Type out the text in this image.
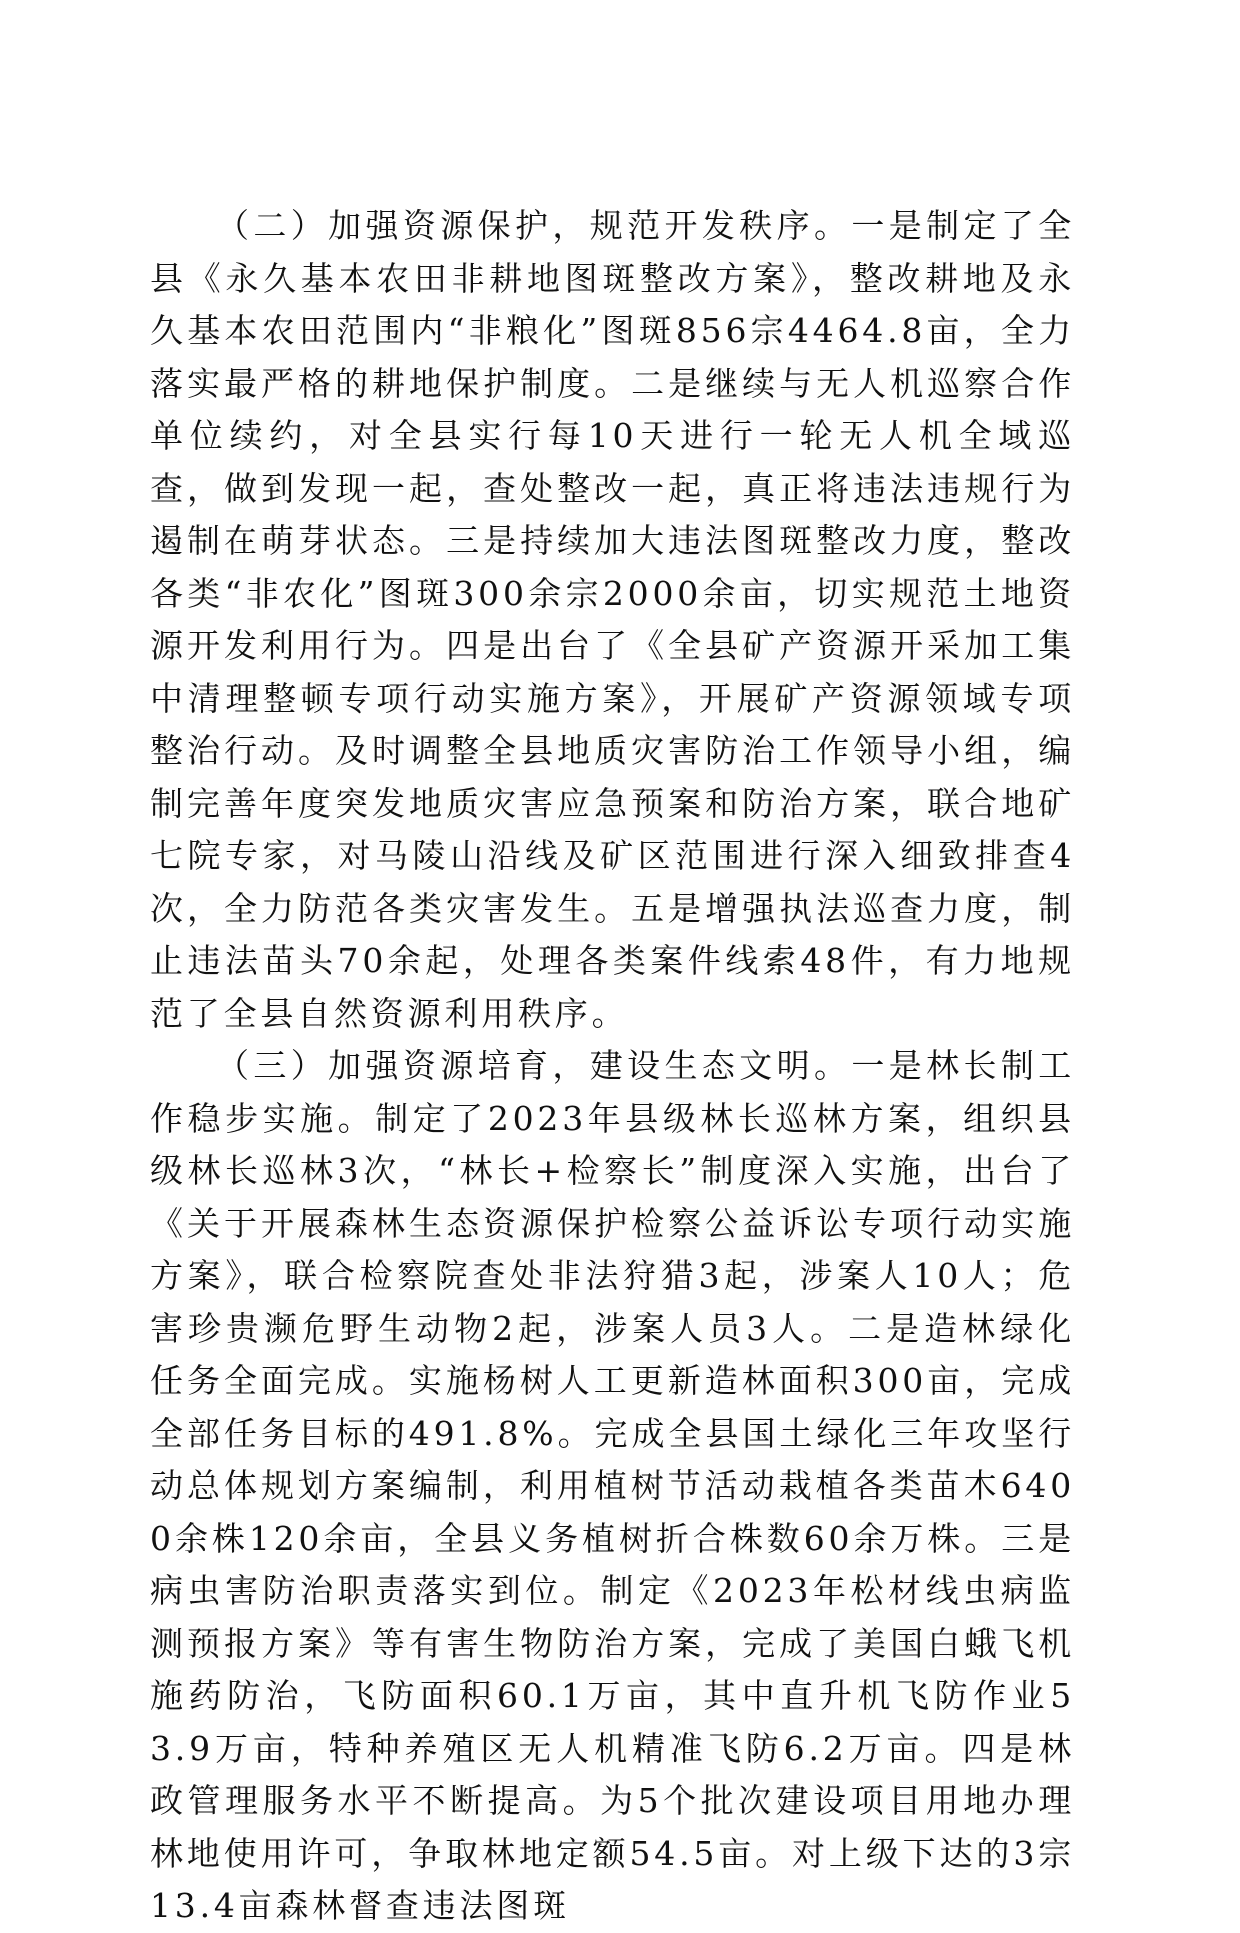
（二）加强资源保护，规范开发秩序。一是制定了全县《永久基本农田非耕地图斑整改方案》，整改耕地及永久基本农田范围内“非粮化”图斑856宗4464.8亩，全力落实最严格的耕地保护制度。二是继续与无人机巡察合作单位续约，对全县实行每10天进行一轮无人机全域巡查，做到发现一起，查处整改一起，真正将违法违规行为遏制在萌芽状态。三是持续加大违法图斑整改力度，整改各类“非农化”图斑300余宗2000余亩，切实规范土地资源开发利用行为。四是出台了《全县矿产资源开采加工集中清理整顿专项行动实施方案》，开展矿产资源领域专项整治行动。及时调整全县地质灾害防治工作领导小组，编制完善年度突发地质灾害应急预案和防治方案，联合地矿七院专家，对马陵山沿线及矿区范围进行深入细致排查4次，全力防范各类灾害发生。五是增强执法巡查力度，制止违法苗头70余起，处理各类案件线索48件，有力地规范了全县自然资源利用秩序。

（三）加强资源培育，建设生态文明。一是林长制工作稳步实施。制定了2023年县级林长巡林方案，组织县级林长巡林3次，“林长+检察长”制度深入实施，出台了《关于开展森林生态资源保护检察公益诉讼专项行动实施方案》，联合检察院查处非法狩猎3起，涉案人10人；危害珍贵濒危野生动物2起，涉案人员3人。二是造林绿化任务全面完成。实施杨树人工更新造林面积300亩，完成全部任务目标的491.8%。完成全县国土绿化三年攻坚行动总体规划方案编制，利用植树节活动栽植各类苗木6400余株120余亩，全县义务植树折合株数60余万株。三是病虫害防治职责落实到位。制定《2023年松材线虫病监测预报方案》等有害生物防治方案，完成了美国白蛾飞机施药防治，飞防面积60.1万亩，其中直升机飞防作业53.9万亩，特种养殖区无人机精准飞防6.2万亩。四是林政管理服务水平不断提高。为5个批次建设项目用地办理林地使用许可，争取林地定额54.5亩。对上级下达的3宗13.4亩森林督查违法图斑
